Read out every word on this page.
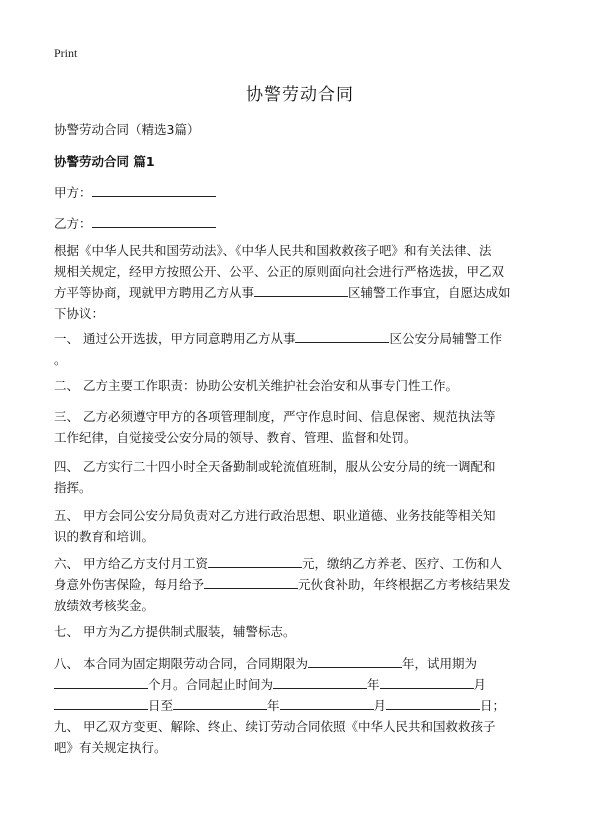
Print
协警劳动合同
协警劳动合同（精选3篇）
协警劳动合同 篇1
甲方：
乙方：
根据《中华人民共和国劳动法》、《中华人民共和国救救孩子吧》和有关法律、法
规相关规定，经甲方按照公开、公平、公正的原则面向社会进行严格选拔，甲乙双
方平等协商，现就甲方聘用乙方从事	区辅警工作事宜，自愿达成如
下协议：
一、 通过公开选拔，甲方同意聘用乙方从事	区公安分局辅警工作
。
二、 乙方主要工作职责：协助公安机关维护社会治安和从事专门性工作。
三、 乙方必须遵守甲方的各项管理制度，严守作息时间、信息保密、规范执法等
工作纪律，自觉接受公安分局的领导、教育、管理、监督和处罚。
四、 乙方实行二十四小时全天备勤制或轮流值班制，服从公安分局的统一调配和
指挥。
五、 甲方会同公安分局负责对乙方进行政治思想、职业道德、业务技能等相关知
识的教育和培训。
六、 甲方给乙方支付月工资	元，缴纳乙方养老、医疗、工伤和人
身意外伤害保险，每月给予	元伙食补助，年终根据乙方考核结果发
放绩效考核奖金。
七、 甲方为乙方提供制式服装，辅警标志。
八、 本合同为固定期限劳动合同，合同期限为	年，试用期为
个月。合同起止时间为	年	月
日至	年	月	日；
九、 甲乙双方变更、解除、终止、续订劳动合同依照《中华人民共和国救救孩子
吧》有关规定执行。
